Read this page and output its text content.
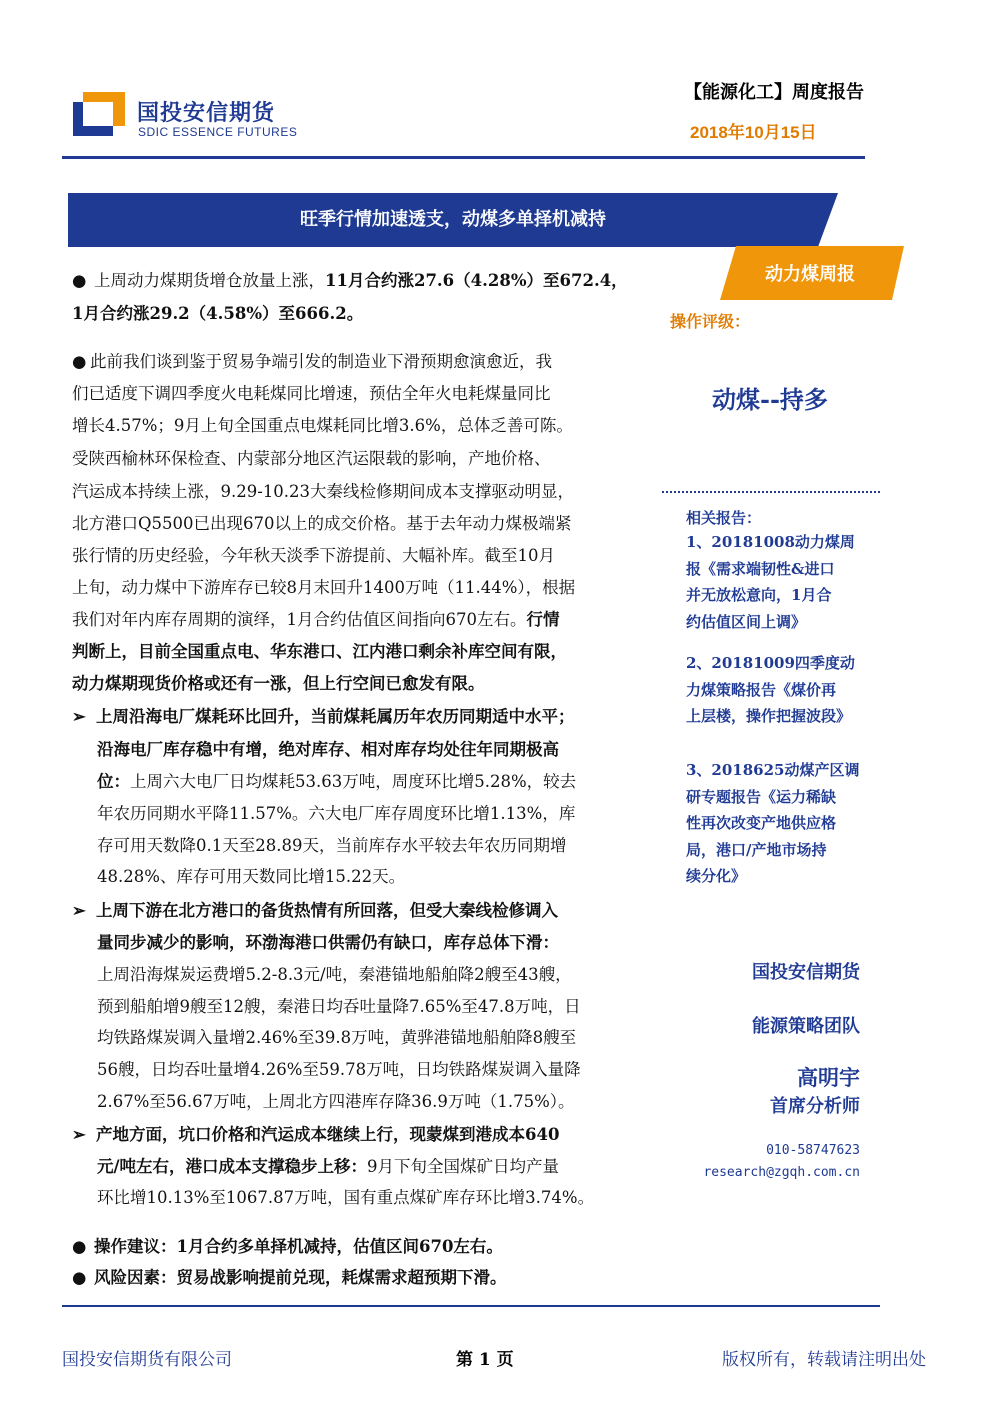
国投安信期货
SDIC ESSENCE FUTURES
【能源化工】周度报告
2018年10月15日
旺季行情加速透支，动煤多单择机减持
动力煤周报
操作评级：
动煤--持多
相关报告：
1、20181008动力煤周
报《需求端韧性&进口
并无放松意向，1月合
约估值区间上调》
2、20181009四季度动
力煤策略报告《煤价再
上层楼，操作把握波段》
3、2018625动煤产区调
研专题报告《运力稀缺
性再次改变产地供应格
局，港口/产地市场持
续分化》
国投安信期货
能源策略团队
高明宇
首席分析师
010-58747623
research@zgqh.com.cn
● 上周动力煤期货增仓放量上涨，11月合约涨27.6（4.28%）至672.4，
1月合约涨29.2（4.58%）至666.2。
● 此前我们谈到鉴于贸易争端引发的制造业下滑预期愈演愈近，我
们已适度下调四季度火电耗煤同比增速，预估全年火电耗煤量同比
增长4.57%；9月上旬全国重点电煤耗同比增3.6%，总体乏善可陈。
受陕西榆林环保检查、内蒙部分地区汽运限载的影响，产地价格、
汽运成本持续上涨，9.29-10.23大秦线检修期间成本支撑驱动明显，
北方港口Q5500已出现670以上的成交价格。基于去年动力煤极端紧
张行情的历史经验，今年秋天淡季下游提前、大幅补库。截至10月
上旬，动力煤中下游库存已较8月末回升1400万吨（11.44%），根据
我们对年内库存周期的演绎，1月合约估值区间指向670左右。行情
判断上，目前全国重点电、华东港口、江内港口剩余补库空间有限，
动力煤期现货价格或还有一涨，但上行空间已愈发有限。
➢ 上周沿海电厂煤耗环比回升，当前煤耗属历年农历同期适中水平；
沿海电厂库存稳中有增，绝对库存、相对库存均处往年同期极高
位：上周六大电厂日均煤耗53.63万吨，周度环比增5.28%，较去
年农历同期水平降11.57%。六大电厂库存周度环比增1.13%，库
存可用天数降0.1天至28.89天，当前库存水平较去年农历同期增
48.28%、库存可用天数同比增15.22天。
➢ 上周下游在北方港口的备货热情有所回落，但受大秦线检修调入
量同步减少的影响，环渤海港口供需仍有缺口，库存总体下滑：
上周沿海煤炭运费增5.2-8.3元/吨，秦港锚地船舶降2艘至43艘，
预到船舶增9艘至12艘，秦港日均吞吐量降7.65%至47.8万吨，日
均铁路煤炭调入量增2.46%至39.8万吨，黄骅港锚地船舶降8艘至
56艘，日均吞吐量增4.26%至59.78万吨，日均铁路煤炭调入量降
2.67%至56.67万吨，上周北方四港库存降36.9万吨（1.75%）。
➢ 产地方面，坑口价格和汽运成本继续上行，现蒙煤到港成本640
元/吨左右，港口成本支撑稳步上移：9月下旬全国煤矿日均产量
环比增10.13%至1067.87万吨，国有重点煤矿库存环比增3.74%。
● 操作建议：1月合约多单择机减持，估值区间670左右。
● 风险因素：贸易战影响提前兑现，耗煤需求超预期下滑。
国投安信期货有限公司	第 1 页	版权所有，转载请注明出处
